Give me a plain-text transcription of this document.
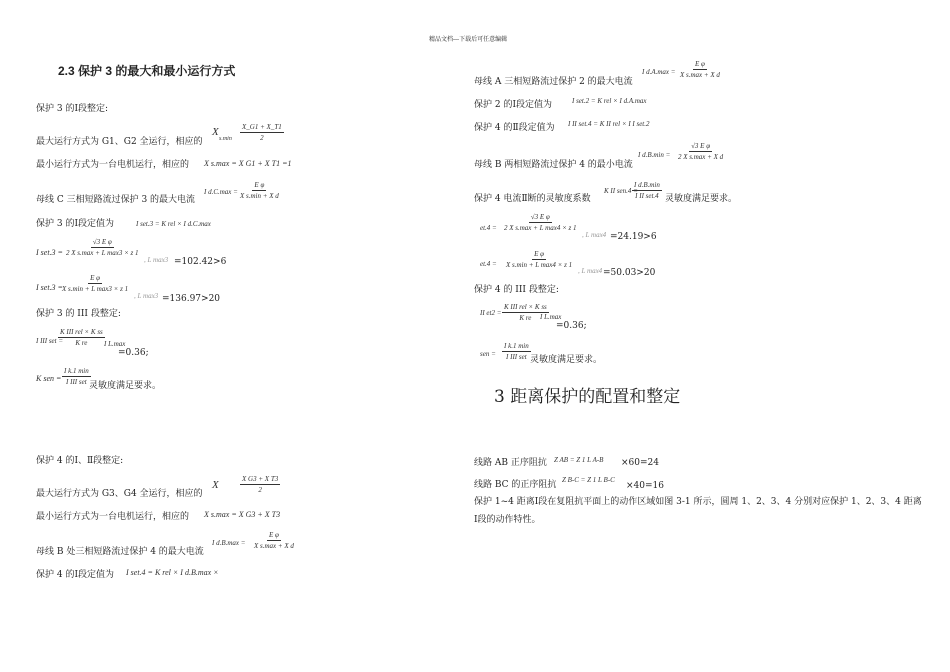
精品文档---下载后可任意编辑
2.3 保护 3 的最大和最小运行方式
保护 3 的Ⅰ段整定:
最大运行方式为 G1、G2 全运行，相应的
X
$s.\min \frac{X\_G1 + X\_T1}{2}$
最小运行方式为一台电机运行，相应的 X s.max = X G1 + X T1 =1
母线 C 三相短路流过保护 3 的最大电流
I d.C.max =
E φ
X s.min + X d
保护 3 的Ⅰ段定值为	I set.3 = K rel × I d.C.max
I set.3 =
√3 E φ
2 X s.max + L max3 × z 1
, L max3 =102.42>6
I set.3 =
E φ
X s.min + L max3 × z 1
, L max3 =136.97>20
保护 3 的 III 段整定:
I III set =
K III rel × K ss
K re I L.max
=0.36;
K sen =
I k.1 min
I III set 灵敏度满足要求。
保护 4 的Ⅰ、Ⅱ段整定:
最大运行方式为 G3、G4 全运行，相应的
X	$\frac{\text{X G3 + X T3}}{2}$
最小运行方式为一台电机运行，相应的 X s.max = X G3 + X T3
母线 B 处三相短路流过保护 4 的最大电流
I d.B.max =
E φ
X s.max + X d
保护 4 的Ⅰ段定值为 I set.4 = K rel × I d.B.max ×
母线 A 三相短路流过保护 2 的最大电流
I d.A.max =
E φ
X s.max + X d
保护 2 的Ⅰ段定值为	I set.2 = K rel × I d.A.max
保护 4 的Ⅱ段定值为 I II set.4 = K II rel × I I set.2
母线 B 两相短路流过保护 4 的最小电流
I d.B.min =
√3 E φ
2 X s.max + X d
保护 4 电流Ⅱ断的灵敏度系数
K II sen.4 =
I d.B.min
I II set.4 灵敏度满足要求。
et.4 =
√3 E φ
2 X s.max + L max4 × z 1
, L max4 =24.19>6
et.4 =
E φ
X s.min + L max4 × z 1
, L max4 =50.03>20
保护 4 的 III 段整定:
II et2 =
K III rel × K ss
K re I L.max
=0.36;
sen =
I k.1 min
I III set 灵敏度满足要求。
3 距离保护的配置和整定
线路 AB 正序阻抗 Z AB = Z 1 L A-B ×60=24
线路 BC 的正序阻抗 Z B-C = Z 1 L B-C
×40=16
保护 1~4 距离Ⅰ段在复阻抗平面上的动作区域如图 3-1 所示，圆周 1、2、3、4 分别对应保护 1、2、3、4 距离
Ⅰ段的动作特性。
